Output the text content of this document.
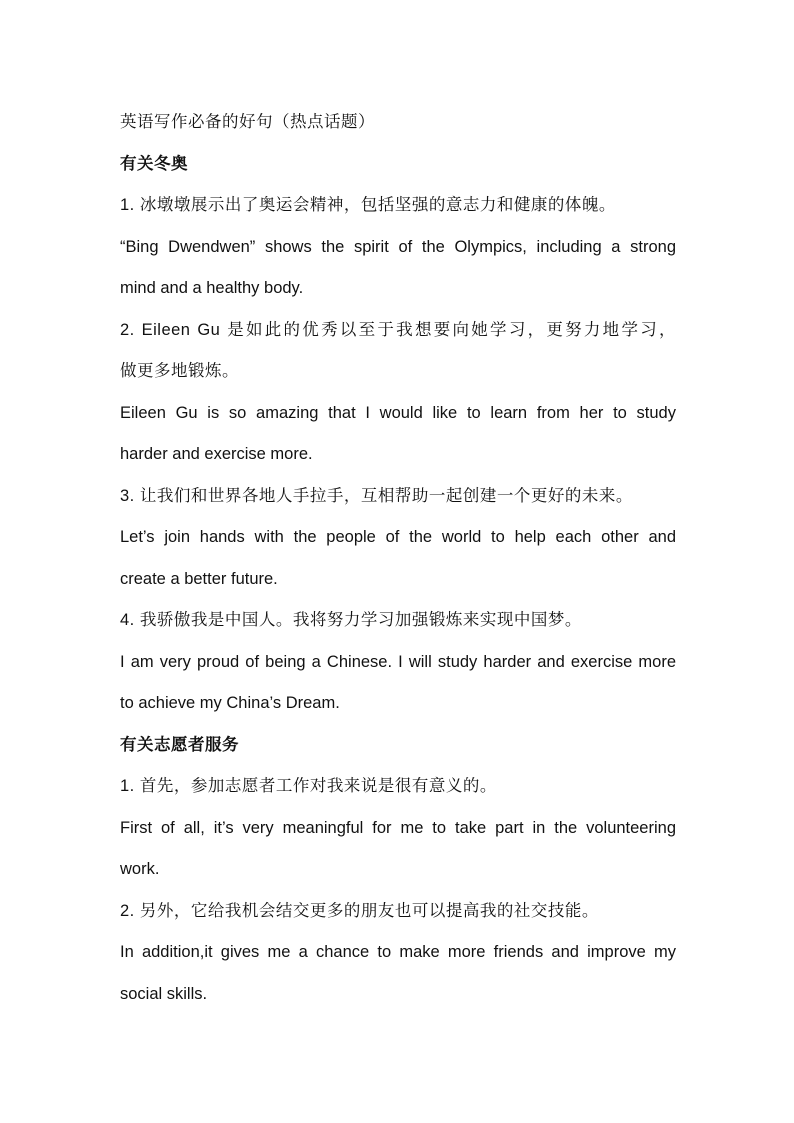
英语写作必备的好句（热点话题）
有关冬奥
1. 冰墩墩展示出了奥运会精神，包括坚强的意志力和健康的体魄。
“Bing Dwendwen” shows the spirit of the Olympics, including a strong
mind and a healthy body.
2. Eileen Gu 是如此的优秀以至于我想要向她学习，更努力地学习，
做更多地锻炼。
Eileen Gu is so amazing that I would like to learn from her to study
harder and exercise more.
3. 让我们和世界各地人手拉手，互相帮助一起创建一个更好的未来。
Let’s join hands with the people of the world to help each other and
create a better future.
4. 我骄傲我是中国人。我将努力学习加强锻炼来实现中国梦。
I am very proud of being a Chinese. I will study harder and exercise more
to achieve my China’s Dream.
有关志愿者服务
1. 首先，参加志愿者工作对我来说是很有意义的。
First of all, it’s very meaningful for me to take part in the volunteering
work.
2. 另外，它给我机会结交更多的朋友也可以提高我的社交技能。
In addition,it gives me a chance to make more friends and improve my
social skills.
